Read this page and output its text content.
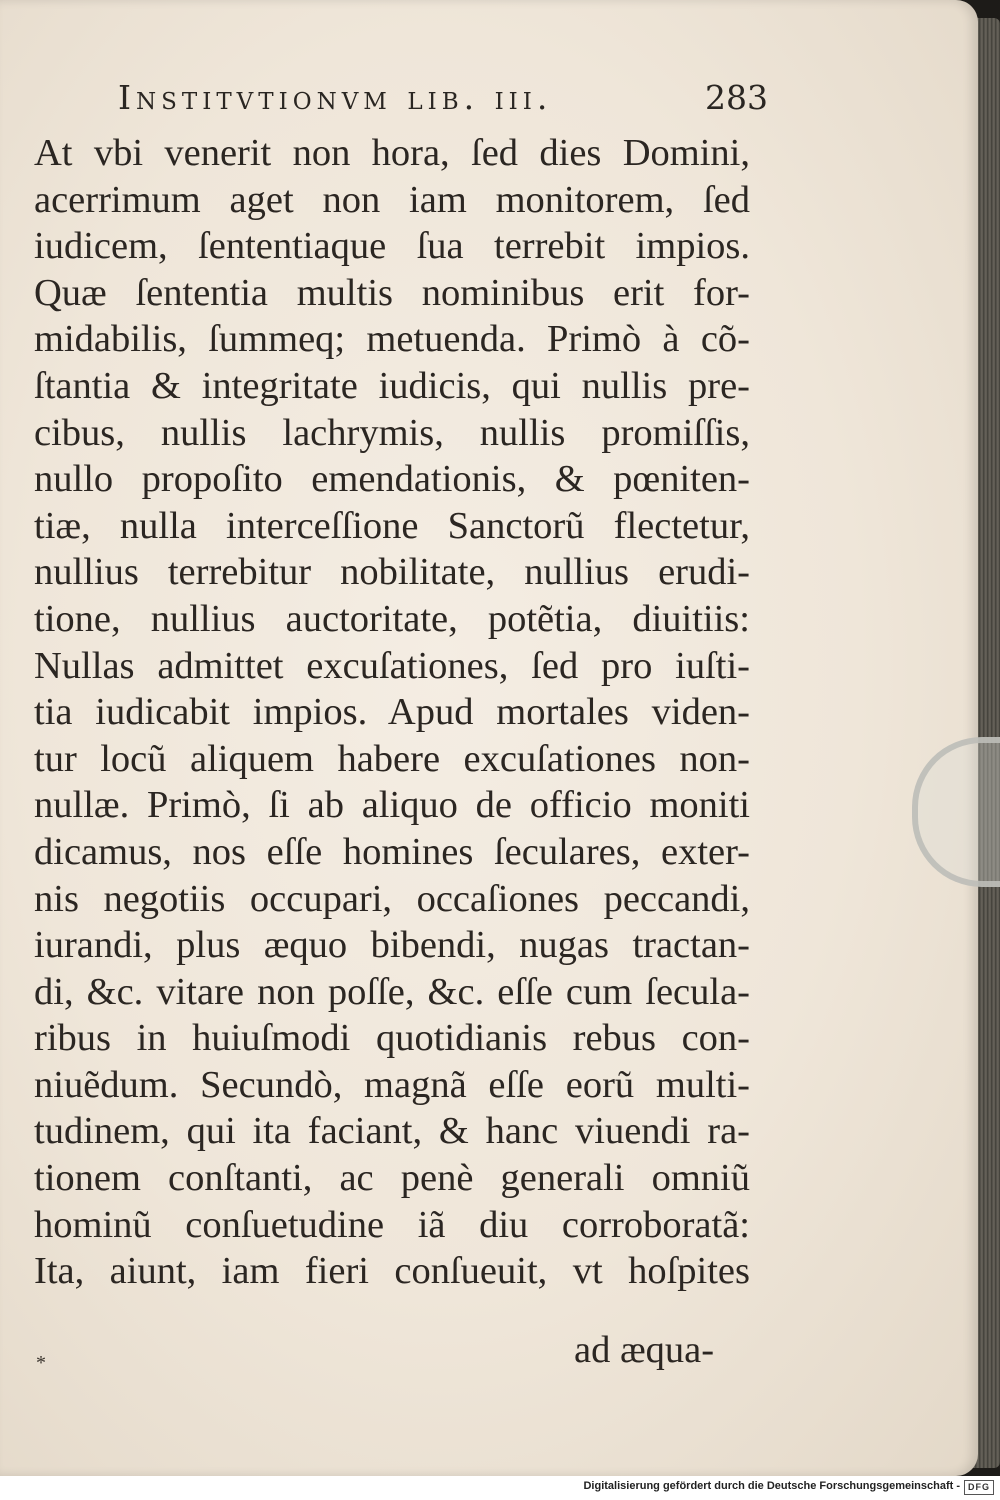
Institvtionvm lib. iii.	283
At vbi venerit non hora, ſed dies Domini,
acerrimum aget non iam monitorem, ſed
iudicem, ſententiaque ſua terrebit impios.
Quæ ſententia multis nominibus erit for-
midabilis, ſummeq; metuenda. Primò à cõ-
ſtantia & integritate iudicis, qui nullis pre-
cibus, nullis lachrymis, nullis promiſſis,
nullo propoſito emendationis, & pœniten-
tiæ, nulla interceſſione Sanctorũ flectetur,
nullius terrebitur nobilitate, nullius erudi-
tione, nullius auctoritate, potẽtia, diuitiis:
Nullas admittet excuſationes, ſed pro iuſti-
tia iudicabit impios. Apud mortales viden-
tur locũ aliquem habere excuſationes non-
nullæ. Primò, ſi ab aliquo de officio moniti
dicamus, nos eſſe homines ſeculares, exter-
nis negotiis occupari, occaſiones peccandi,
iurandi, plus æquo bibendi, nugas tractan-
di, &c. vitare non poſſe, &c. eſſe cum ſecula-
ribus in huiuſmodi quotidianis rebus con-
niuẽdum. Secundò, magnã eſſe eorũ multi-
tudinem, qui ita faciant, & hanc viuendi ra-
tionem conſtanti, ac penè generali omniũ
hominũ conſuetudine iã diu corroboratã:
Ita, aiunt, iam fieri conſueuit, vt hoſpites
ad æqua-
*
Digitalisierung gefördert durch die Deutsche Forschungsgemeinschaft - DFG
